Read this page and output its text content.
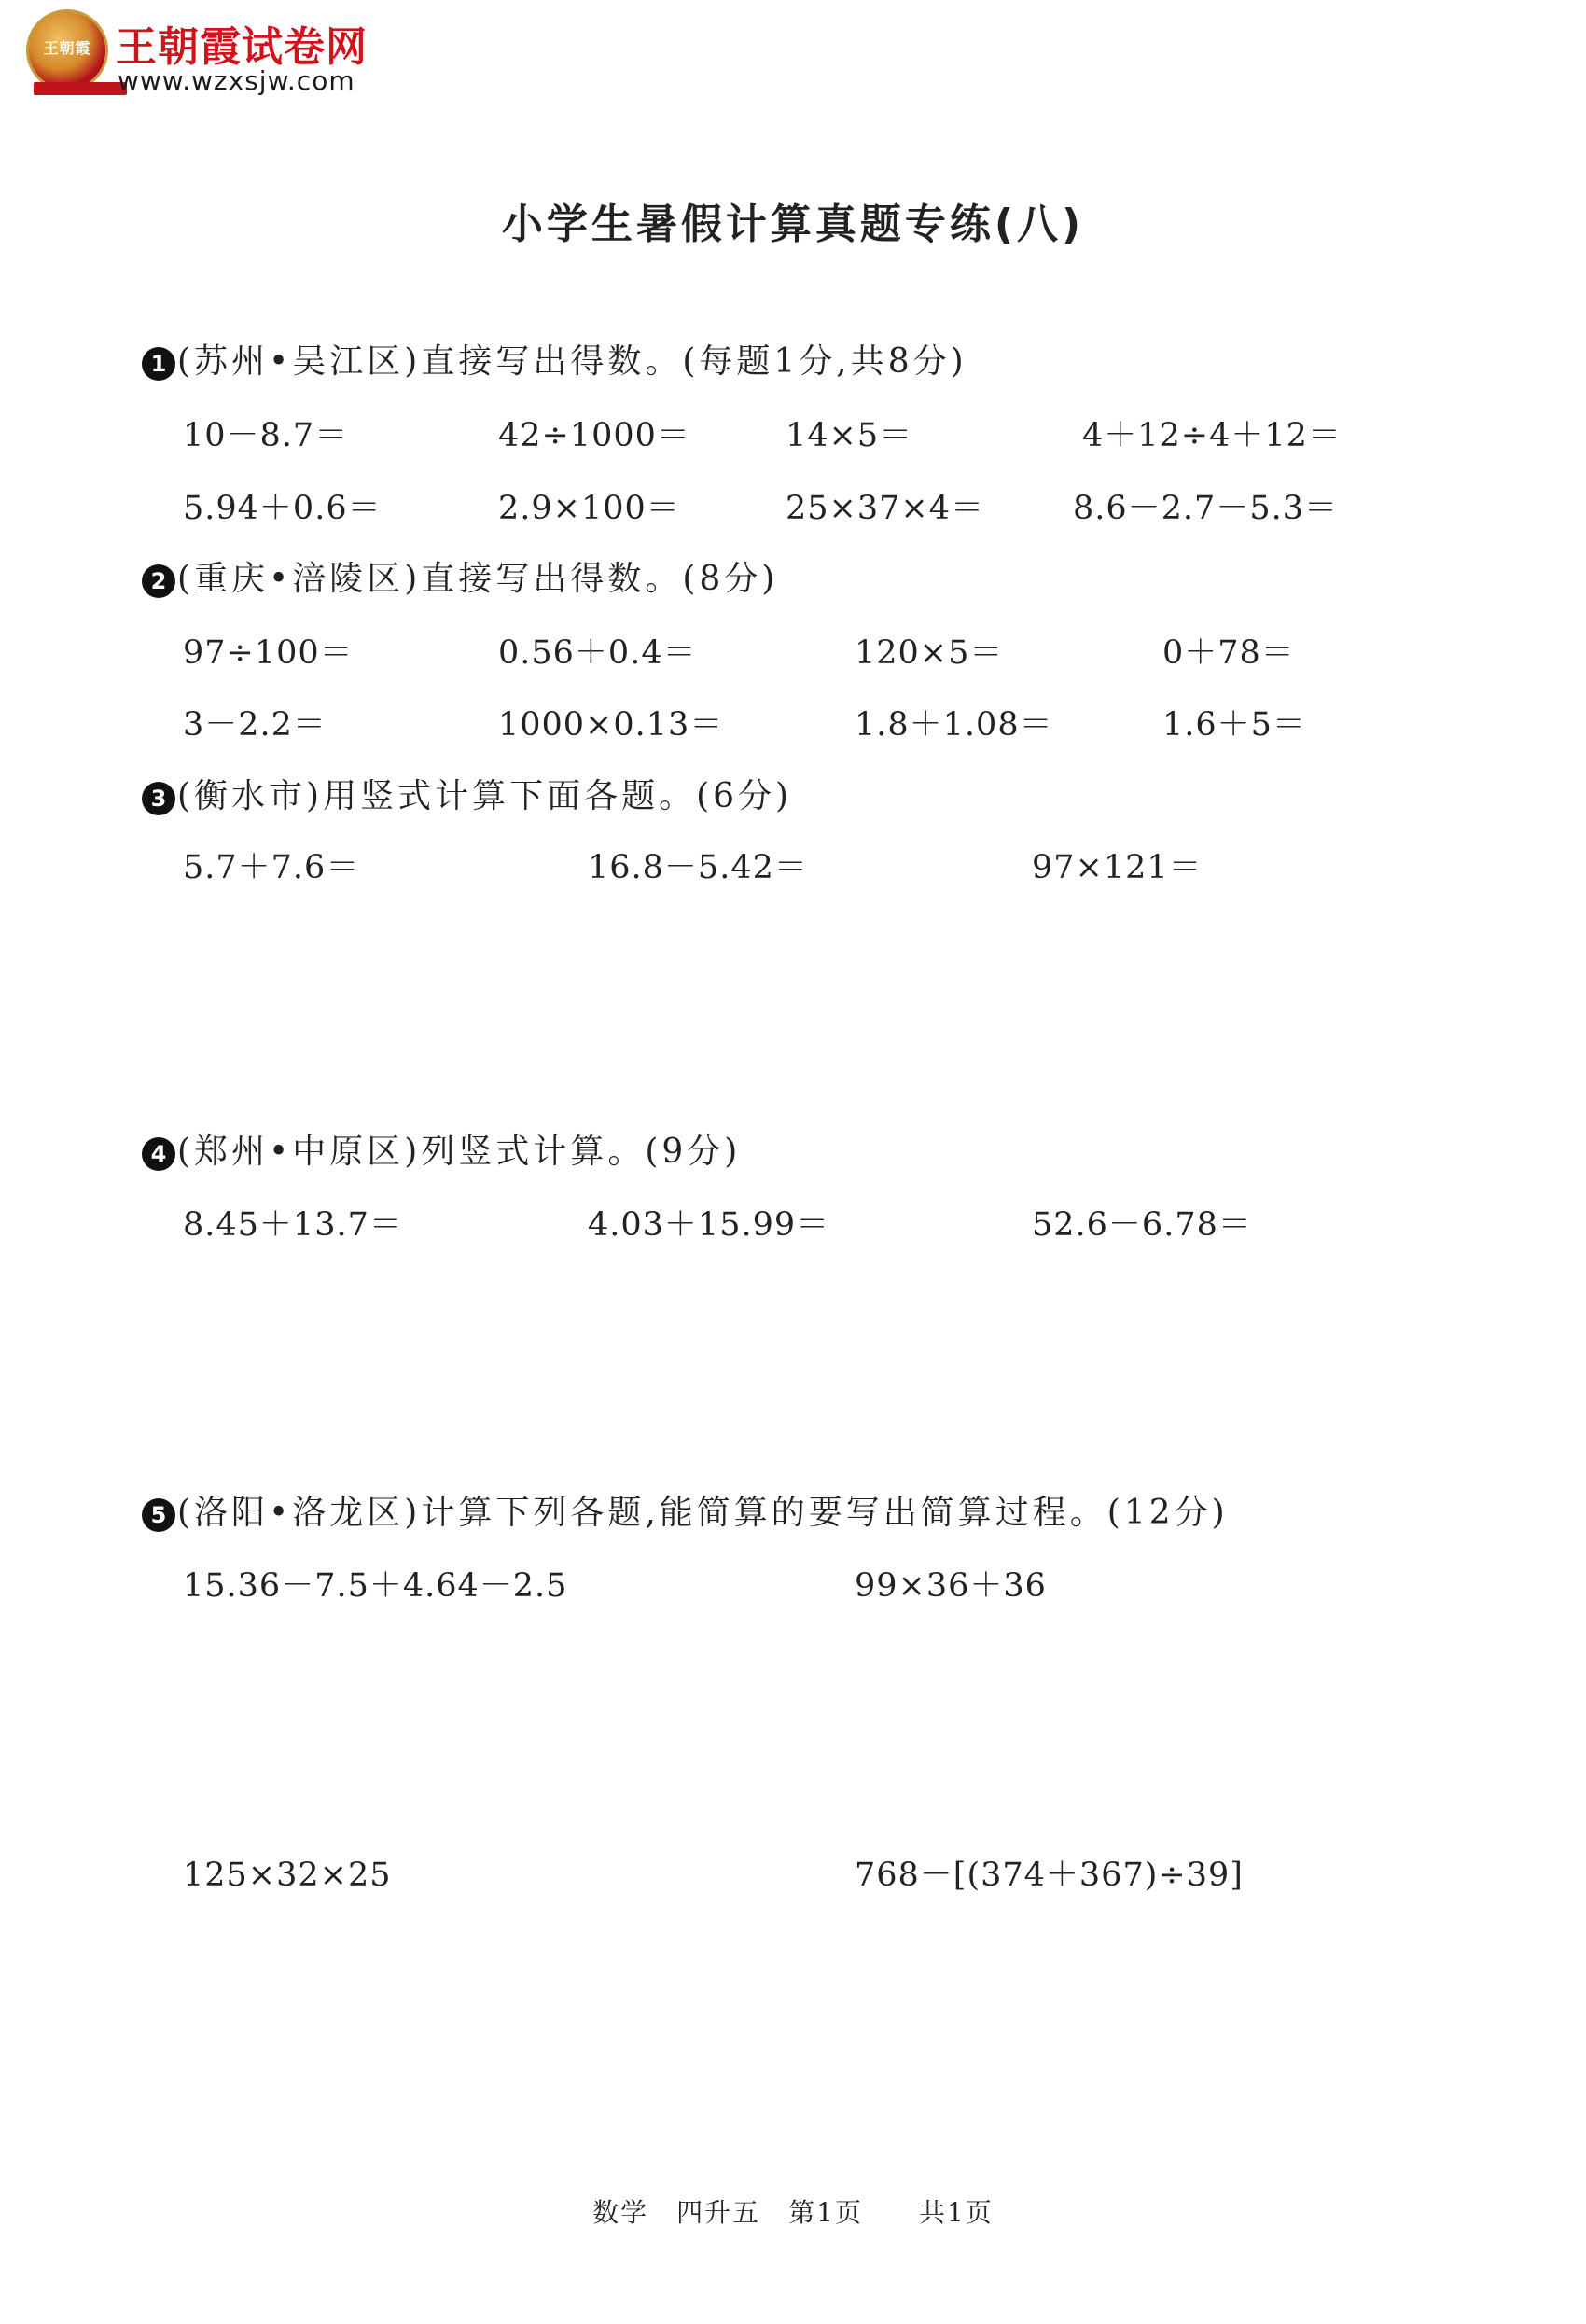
王朝霞 王朝霞试卷网
www.wzxsjw.com
小学生暑假计算真题专练(八)
1 (苏州•吴江区)直接写出得数。(每题1分,共8分)
10－8.7＝	42÷1000＝	14×5＝	4＋12÷4＋12＝
5.94＋0.6＝	2.9×100＝	25×37×4＝	8.6－2.7－5.3＝
2 (重庆•涪陵区)直接写出得数。(8分)
97÷100＝	0.56＋0.4＝	120×5＝	0＋78＝
3－2.2＝	1000×0.13＝	1.8＋1.08＝	1.6＋5＝
3 (衡水市)用竖式计算下面各题。(6分)
5.7＋7.6＝	16.8－5.42＝	97×121＝
4 (郑州•中原区)列竖式计算。(9分)
8.45＋13.7＝	4.03＋15.99＝	52.6－6.78＝
5 (洛阳•洛龙区)计算下列各题,能简算的要写出简算过程。(12分)
15.36－7.5＋4.64－2.5	99×36＋36
125×32×25	768－[(374＋367)÷39]
数学　四升五　第1页　　共1页
